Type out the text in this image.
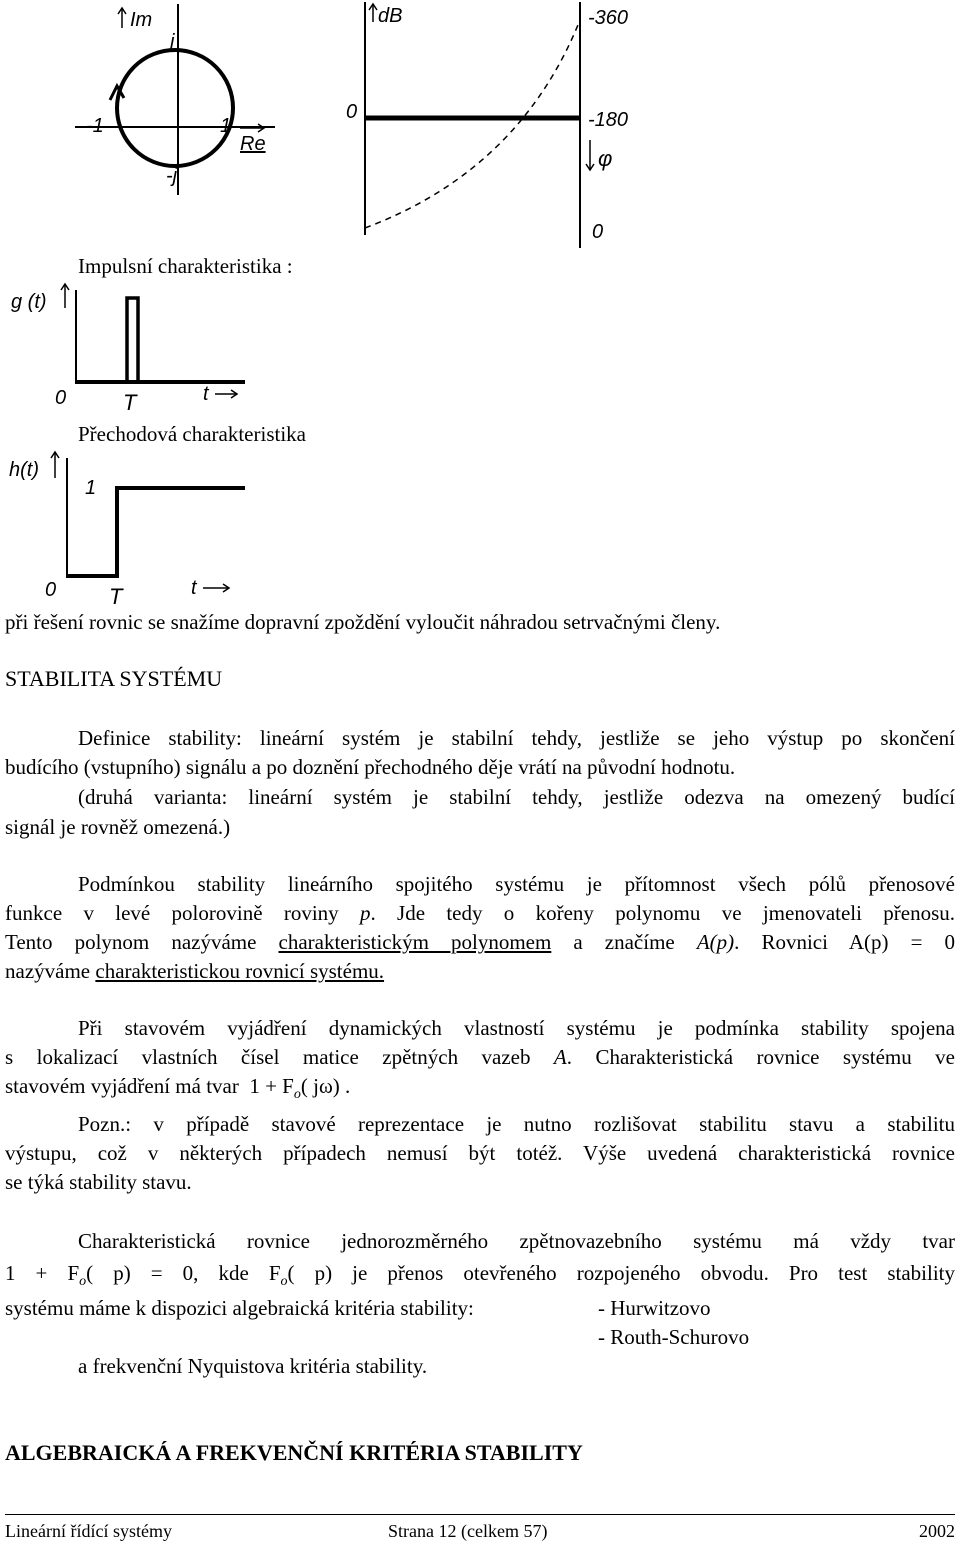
Im
j
-1	1
Re
-j
dB	-360
0	-180
φ
0
Impulsní charakteristika :
g (t)
0	T	t
Přechodová charakteristika
h(t)
1
0 T	t
při řešení rovnic se snažíme dopravní zpoždění vyloučit náhradou setrvačnými členy.
STABILITA SYSTÉMU
Definice stability: lineární systém je stabilní tehdy, jestliže se jeho výstup po skončení
budícího (vstupního) signálu a po doznění přechodného děje vrátí na původní hodnotu.
(druhá varianta: lineární systém je stabilní tehdy, jestliže odezva na omezený budící
signál je rovněž omezená.)
Podmínkou stability lineárního spojitého systému je přítomnost všech pólů přenosové
funkce v levé polorovině roviny p. Jde tedy o kořeny polynomu ve jmenovateli přenosu.
Tento polynom nazýváme charakteristickým polynomem a značíme A(p). Rovnici A(p) = 0
nazýváme charakteristickou rovnicí systému.
Při stavovém vyjádření dynamických vlastností systému je podmínka stability spojena
s lokalizací vlastních čísel matice zpětných vazeb A. Charakteristická rovnice systému ve
stavovém vyjádření má tvar $1 + F_o$( jω) .
Pozn.: v případě stavové reprezentace je nutno rozlišovat stabilitu stavu a stabilitu
výstupu, což v některých případech nemusí být totéž. Výše uvedená charakteristická rovnice
se týká stability stavu.
Charakteristická rovnice jednorozměrného zpětnovazebního systému má vždy tvar
$1 + F_o$( p) = 0, kde $F_o$( p) je přenos otevřeného rozpojeného obvodu. Pro test stability
systému máme k dispozici algebraická kritéria stability:	- Hurwitzovo
- Routh-Schurovo
a frekvenční Nyquistova kritéria stability.
ALGEBRAICKÁ A FREKVENČNÍ KRITÉRIA STABILITY
Lineární řídící systémy	Strana 12 (celkem 57)	2002
